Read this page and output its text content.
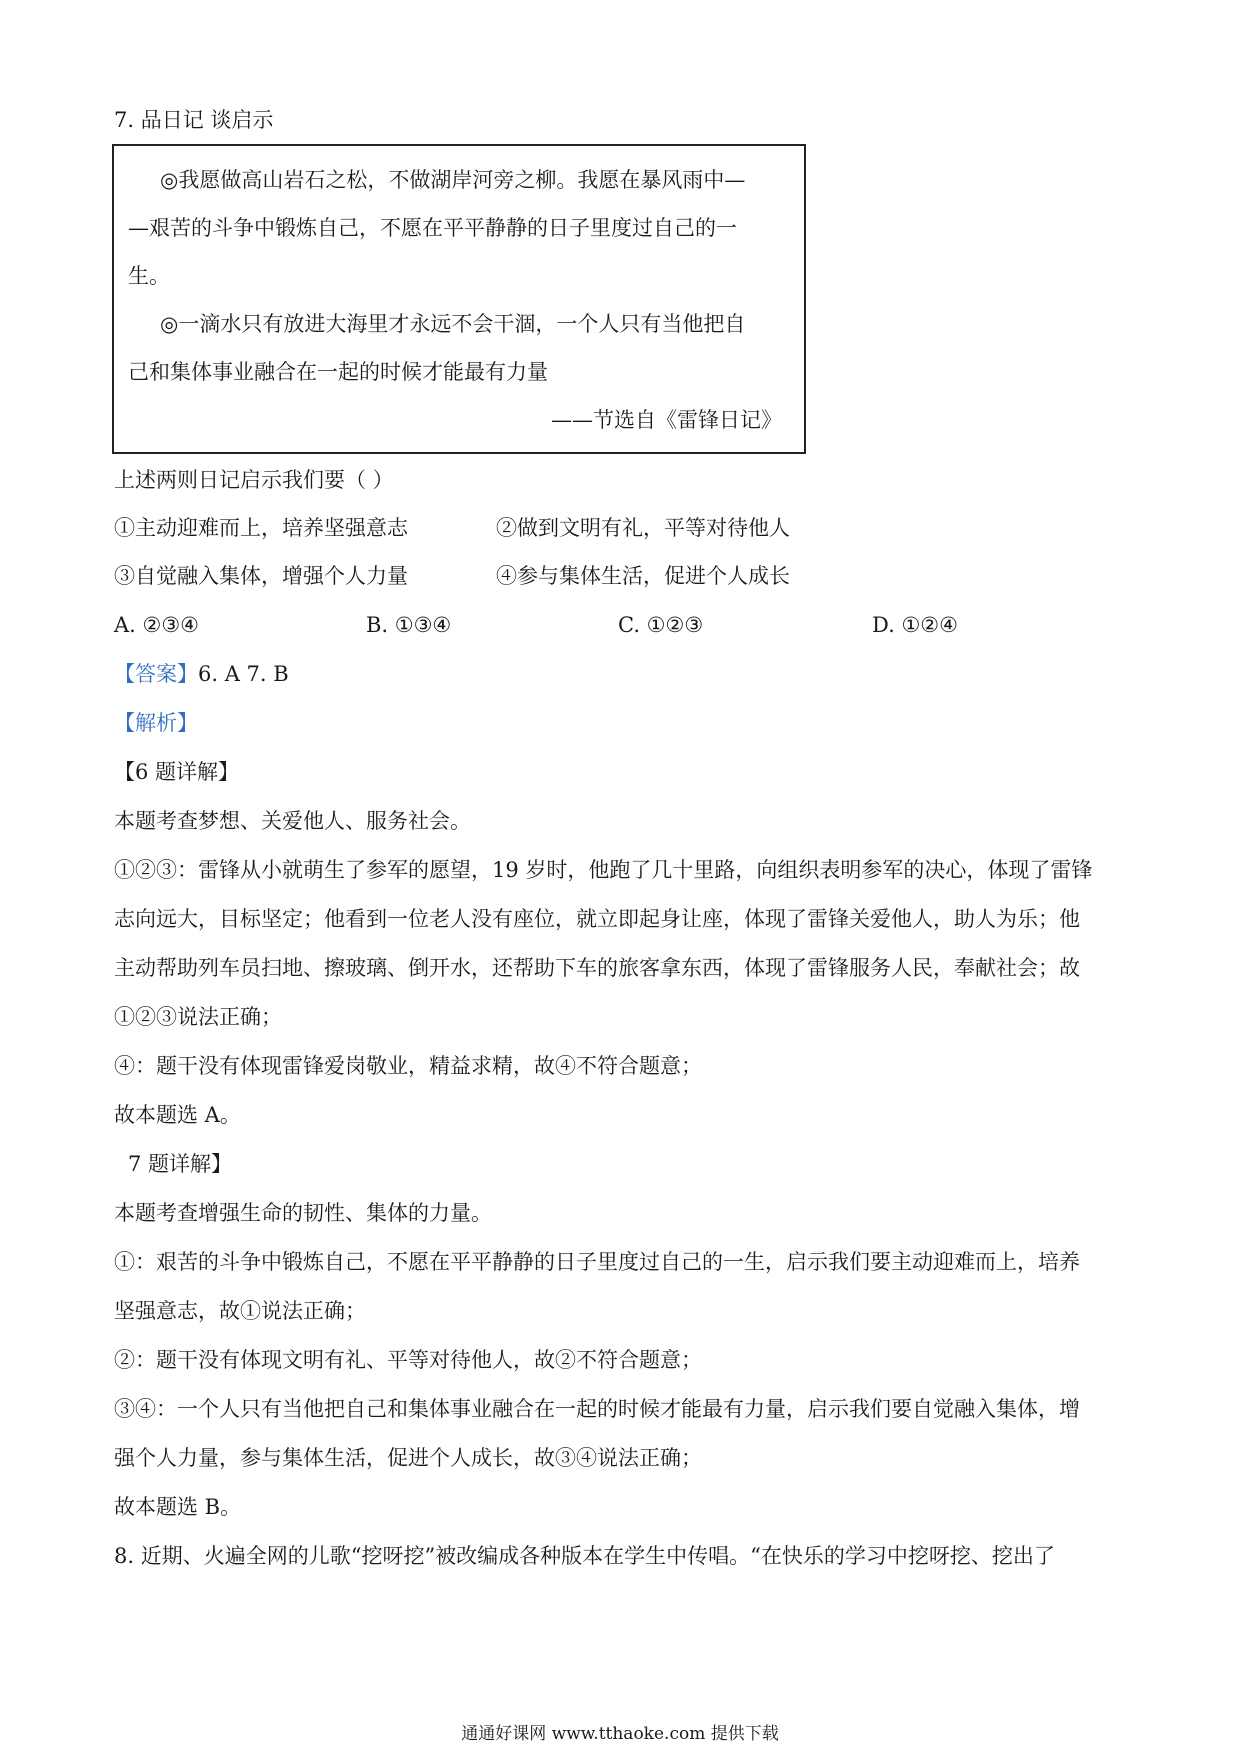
7. 品日记 谈启示
◎我愿做高山岩石之松，不做湖岸河旁之柳。我愿在暴风雨中—
—艰苦的斗争中锻炼自己，不愿在平平静静的日子里度过自己的一
生。
◎一滴水只有放进大海里才永远不会干涸，一个人只有当他把自
己和集体事业融合在一起的时候才能最有力量
——节选自《雷锋日记》
上述两则日记启示我们要（ ）
①主动迎难而上，培养坚强意志	②做到文明有礼，平等对待他人
③自觉融入集体，增强个人力量	④参与集体生活，促进个人成长
A. ②③④	B. ①③④	C. ①②③	D. ①②④
【答案】6. A 7. B
【解析】
【6 题详解】
本题考查梦想、关爱他人、服务社会。
①②③：雷锋从小就萌生了参军的愿望，19 岁时，他跑了几十里路，向组织表明参军的决心，体现了雷锋
志向远大，目标坚定；他看到一位老人没有座位，就立即起身让座，体现了雷锋关爱他人，助人为乐；他
主动帮助列车员扫地、擦玻璃、倒开水，还帮助下车的旅客拿东西，体现了雷锋服务人民，奉献社会；故
①②③说法正确；
④：题干没有体现雷锋爱岗敬业，精益求精，故④不符合题意；
故本题选 A。
7 题详解】
本题考查增强生命的韧性、集体的力量。
①：艰苦的斗争中锻炼自己，不愿在平平静静的日子里度过自己的一生，启示我们要主动迎难而上，培养
坚强意志，故①说法正确；
②：题干没有体现文明有礼、平等对待他人，故②不符合题意；
③④：一个人只有当他把自己和集体事业融合在一起的时候才能最有力量，启示我们要自觉融入集体，增
强个人力量，参与集体生活，促进个人成长，故③④说法正确；
故本题选 B。
8. 近期、火遍全网的儿歌“挖呀挖”被改编成各种版本在学生中传唱。“在快乐的学习中挖呀挖、挖出了
通通好课网 www.tthaoke.com 提供下载
